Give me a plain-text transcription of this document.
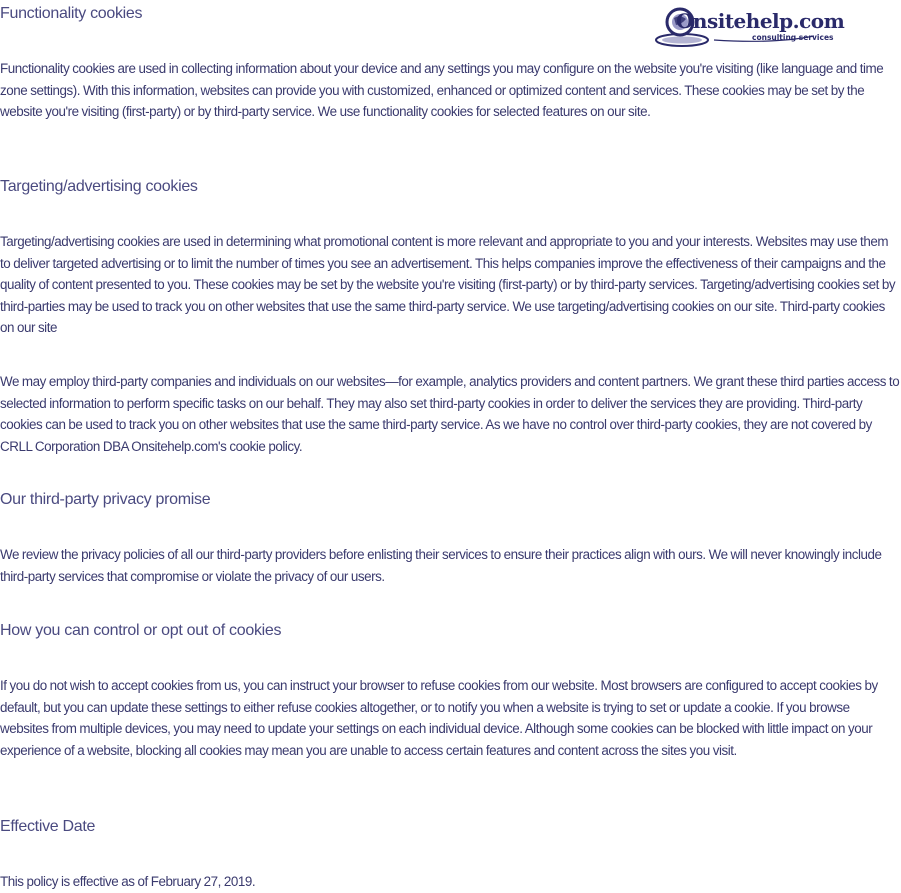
Onsitehelp.com
consulting services
Functionality cookies

Functionality cookies are used in collecting information about your device and any settings you may configure on the website you're visiting (like language and time zone settings). With this information, websites can provide you with customized, enhanced or optimized content and services. These cookies may be set by the website you're visiting (first-party) or by third-party service. We use functionality cookies for selected features on our site.

Targeting/advertising cookies

Targeting/advertising cookies are used in determining what promotional content is more relevant and appropriate to you and your interests. Websites may use them to deliver targeted advertising or to limit the number of times you see an advertisement. This helps companies improve the effectiveness of their campaigns and the quality of content presented to you. These cookies may be set by the website you're visiting (first-party) or by third-party services. Targeting/advertising cookies set by third-parties may be used to track you on other websites that use the same third-party service. We use targeting/advertising cookies on our site. Third-party cookies on our site

We may employ third-party companies and individuals on our websites—for example, analytics providers and content partners. We grant these third parties access to selected information to perform specific tasks on our behalf. They may also set third-party cookies in order to deliver the services they are providing. Third-party cookies can be used to track you on other websites that use the same third-party service. As we have no control over third-party cookies, they are not covered by CRLL Corporation DBA Onsitehelp.com's cookie policy.

Our third-party privacy promise

We review the privacy policies of all our third-party providers before enlisting their services to ensure their practices align with ours. We will never knowingly include third-party services that compromise or violate the privacy of our users.

How you can control or opt out of cookies

If you do not wish to accept cookies from us, you can instruct your browser to refuse cookies from our website. Most browsers are configured to accept cookies by default, but you can update these settings to either refuse cookies altogether, or to notify you when a website is trying to set or update a cookie. If you browse websites from multiple devices, you may need to update your settings on each individual device. Although some cookies can be blocked with little impact on your experience of a website, blocking all cookies may mean you are unable to access certain features and content across the sites you visit.

Effective Date

This policy is effective as of February 27, 2019.
